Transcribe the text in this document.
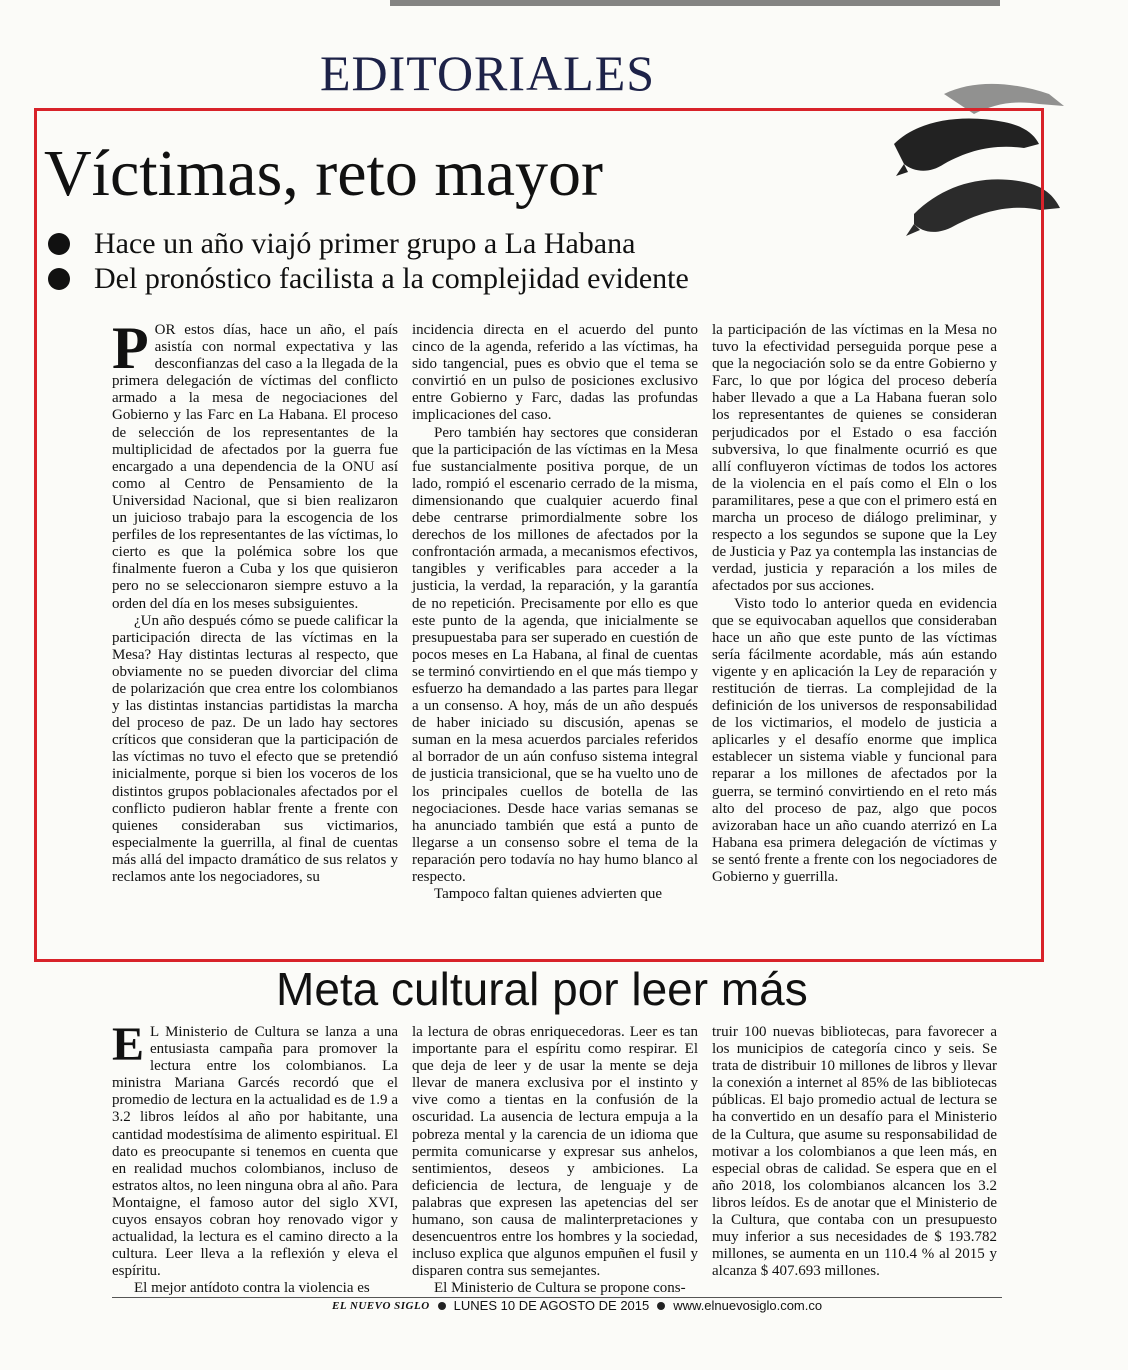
EDITORIALES
Víctimas, reto mayor
Hace un año viajó primer grupo a La Habana
Del pronóstico facilista a la complejidad evidente

POR estos días, hace un año, el país asistía con normal expectativa y las desconfianzas del caso a la llegada de la primera delegación de víctimas del conflicto armado a la mesa de negociaciones del Gobierno y las Farc en La Habana. El proceso de selección de los representantes de la multiplicidad de afectados por la guerra fue encargado a una dependencia de la ONU así como al Centro de Pensamiento de la Universidad Nacional, que si bien realizaron un juicioso trabajo para la escogencia de los perfiles de los representantes de las víctimas, lo cierto es que la polémica sobre los que finalmente fueron a Cuba y los que quisieron pero no se seleccionaron siempre estuvo a la orden del día en los meses subsiguientes.

¿Un año después cómo se puede calificar la participación directa de las víctimas en la Mesa? Hay distintas lecturas al respecto, que obviamente no se pueden divorciar del clima de polarización que crea entre los colombianos y las distintas instancias partidistas la marcha del proceso de paz. De un lado hay sectores críticos que consideran que la participación de las víctimas no tuvo el efecto que se pretendió inicialmente, porque si bien los voceros de los distintos grupos poblacionales afectados por el conflicto pudieron hablar frente a frente con quienes consideraban sus victimarios, especialmente la guerrilla, al final de cuentas más allá del impacto dramático de sus relatos y reclamos ante los negociadores, su

incidencia directa en el acuerdo del punto cinco de la agenda, referido a las víctimas, ha sido tangencial, pues es obvio que el tema se convirtió en un pulso de posiciones exclusivo entre Gobierno y Farc, dadas las profundas implicaciones del caso.

Pero también hay sectores que consideran que la participación de las víctimas en la Mesa fue sustancialmente positiva porque, de un lado, rompió el escenario cerrado de la misma, dimensionando que cualquier acuerdo final debe centrarse primordialmente sobre los derechos de los millones de afectados por la confrontación armada, a mecanismos efectivos, tangibles y verificables para acceder a la justicia, la verdad, la reparación, y la garantía de no repetición. Precisamente por ello es que este punto de la agenda, que inicialmente se presupuestaba para ser superado en cuestión de pocos meses en La Habana, al final de cuentas se terminó convirtiendo en el que más tiempo y esfuerzo ha demandado a las partes para llegar a un consenso. A hoy, más de un año después de haber iniciado su discusión, apenas se suman en la mesa acuerdos parciales referidos al borrador de un aún confuso sistema integral de justicia transicional, que se ha vuelto uno de los principales cuellos de botella de las negociaciones. Desde hace varias semanas se ha anunciado también que está a punto de llegarse a un consenso sobre el tema de la reparación pero todavía no hay humo blanco al respecto.

Tampoco faltan quienes advierten que

la participación de las víctimas en la Mesa no tuvo la efectividad perseguida porque pese a que la negociación solo se da entre Gobierno y Farc, lo que por lógica del proceso debería haber llevado a que a La Habana fueran solo los representantes de quienes se consideran perjudicados por el Estado o esa facción subversiva, lo que finalmente ocurrió es que allí confluyeron víctimas de todos los actores de la violencia en el país como el Eln o los paramilitares, pese a que con el primero está en marcha un proceso de diálogo preliminar, y respecto a los segundos se supone que la Ley de Justicia y Paz ya contempla las instancias de verdad, justicia y reparación a los miles de afectados por sus acciones.

Visto todo lo anterior queda en evidencia que se equivocaban aquellos que consideraban hace un año que este punto de las víctimas sería fácilmente acordable, más aún estando vigente y en aplicación la Ley de reparación y restitución de tierras. La complejidad de la definición de los universos de responsabilidad de los victimarios, el modelo de justicia a aplicarles y el desafío enorme que implica establecer un sistema viable y funcional para reparar a los millones de afectados por la guerra, se terminó convirtiendo en el reto más alto del proceso de paz, algo que pocos avizoraban hace un año cuando aterrizó en La Habana esa primera delegación de víctimas y se sentó frente a frente con los negociadores de Gobierno y guerrilla.

Meta cultural por leer más

E L Ministerio de Cultura se lanza a una entusiasta campaña para promover la lectura entre los colombianos. La ministra Mariana Garcés recordó que el promedio de lectura en la actualidad es de 1.9 a 3.2 libros leídos al año por habitante, una cantidad modestísima de alimento espiritual. El dato es preocupante si tenemos en cuenta que en realidad muchos colombianos, incluso de estratos altos, no leen ninguna obra al año. Para Montaigne, el famoso autor del siglo XVI, cuyos ensayos cobran hoy renovado vigor y actualidad, la lectura es el camino directo a la cultura. Leer lleva a la reflexión y eleva el espíritu.

El mejor antídoto contra la violencia es

la lectura de obras enriquecedoras. Leer es tan importante para el espíritu como respirar. El que deja de leer y de usar la mente se deja llevar de manera exclusiva por el instinto y vive como a tientas en la confusión de la oscuridad. La ausencia de lectura empuja a la pobreza mental y la carencia de un idioma que permita comunicarse y expresar sus anhelos, sentimientos, deseos y ambiciones. La deficiencia de lectura, de lenguaje y de palabras que expresen las apetencias del ser humano, son causa de malinterpretaciones y desencuentros entre los hombres y la sociedad, incluso explica que algunos empuñen el fusil y disparen contra sus semejantes.

El Ministerio de Cultura se propone cons-

truir 100 nuevas bibliotecas, para favorecer a los municipios de categoría cinco y seis. Se trata de distribuir 10 millones de libros y llevar la conexión a internet al 85% de las bibliotecas públicas. El bajo promedio actual de lectura se ha convertido en un desafío para el Ministerio de la Cultura, que asume su responsabilidad de motivar a los colombianos a que leen más, en especial obras de calidad. Se espera que en el año 2018, los colombianos alcancen los 3.2 libros leídos. Es de anotar que el Ministerio de la Cultura, que contaba con un presupuesto muy inferior a sus necesidades de $ 193.782 millones, se aumenta en un 110.4 % al 2015 y alcanza $ 407.693 millones.

EL NUEVO SIGLO LUNES 10 DE AGOSTO DE 2015 www.elnuevosiglo.com.co
